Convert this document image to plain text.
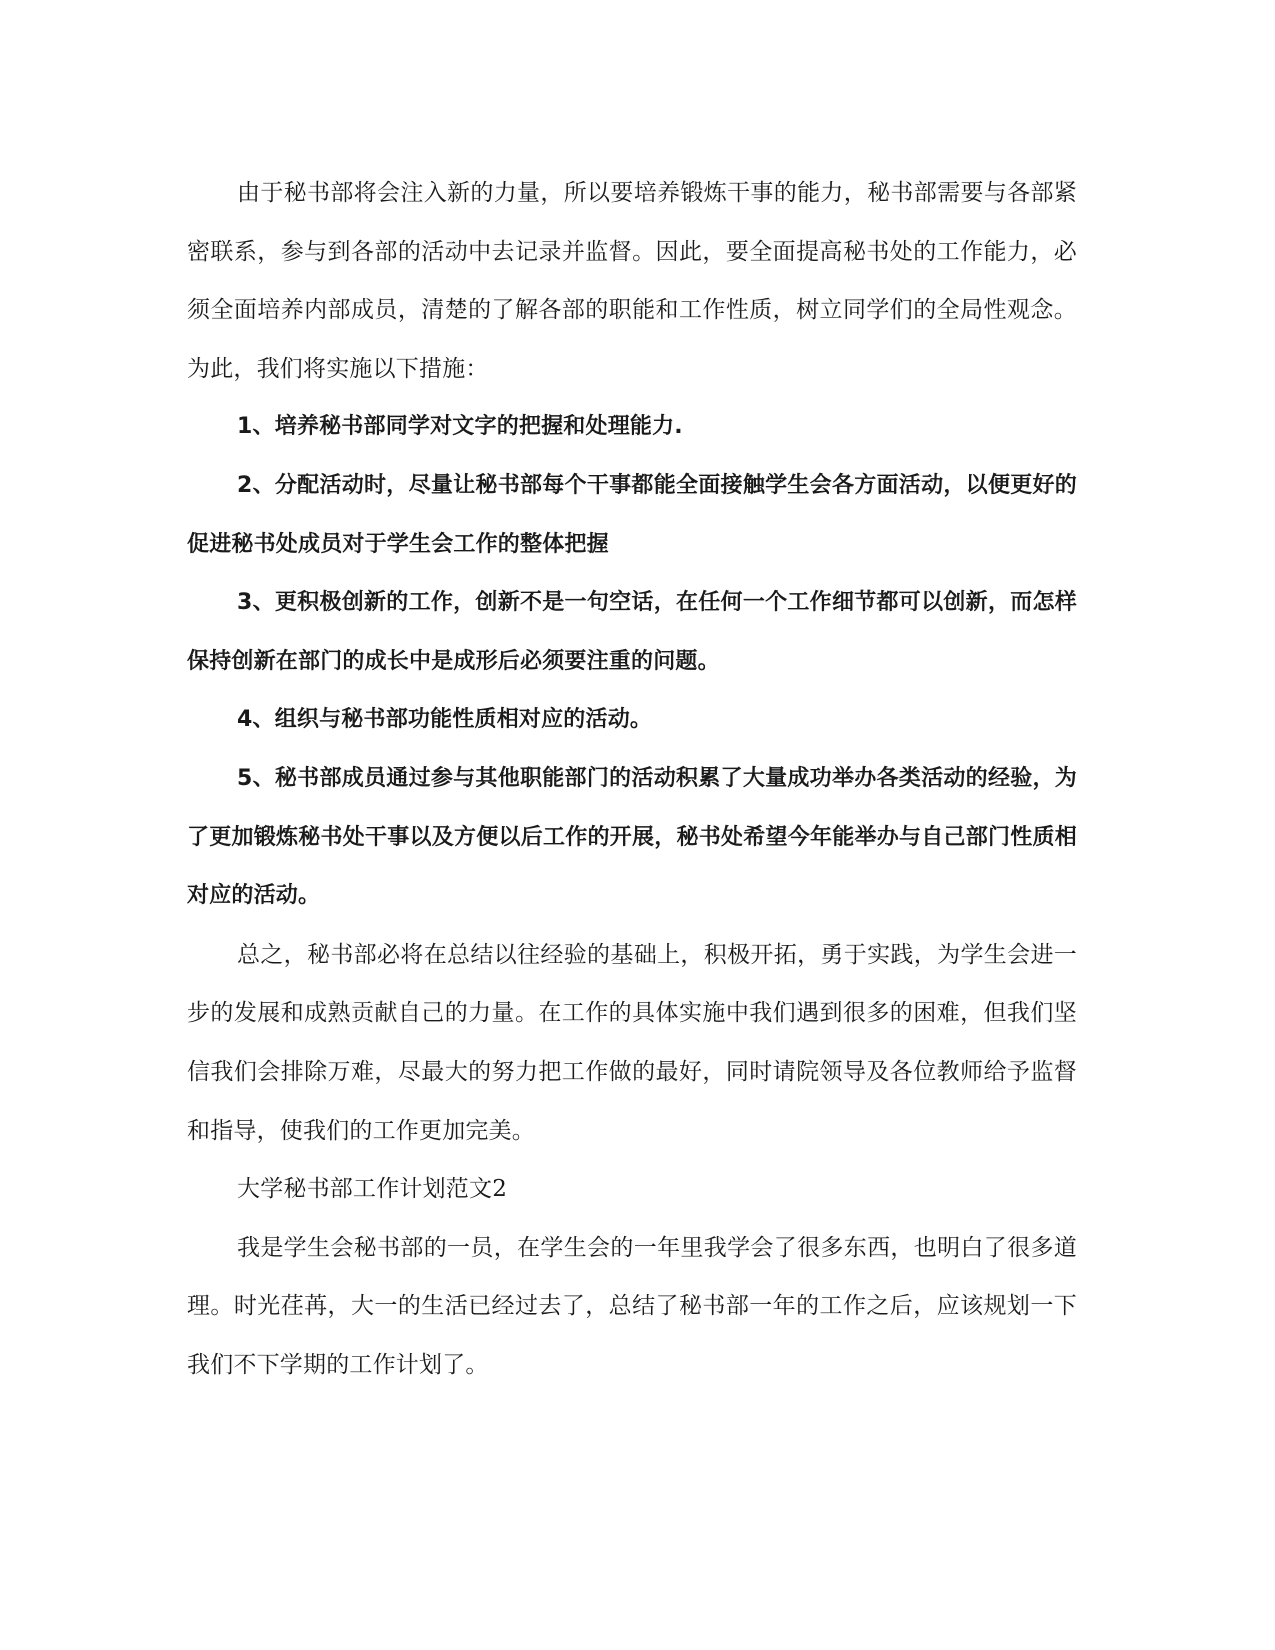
由于秘书部将会注入新的力量，所以要培养锻炼干事的能力，秘书部需要与各部紧密联系，参与到各部的活动中去记录并监督。因此，要全面提高秘书处的工作能力，必须全面培养内部成员，清楚的了解各部的职能和工作性质，树立同学们的全局性观念。为此，我们将实施以下措施：

1、培养秘书部同学对文字的把握和处理能力.

2、分配活动时，尽量让秘书部每个干事都能全面接触学生会各方面活动，以便更好的促进秘书处成员对于学生会工作的整体把握

3、更积极创新的工作，创新不是一句空话，在任何一个工作细节都可以创新，而怎样保持创新在部门的成长中是成形后必须要注重的问题。

4、组织与秘书部功能性质相对应的活动。

5、秘书部成员通过参与其他职能部门的活动积累了大量成功举办各类活动的经验，为了更加锻炼秘书处干事以及方便以后工作的开展，秘书处希望今年能举办与自己部门性质相对应的活动。

总之，秘书部必将在总结以往经验的基础上，积极开拓，勇于实践，为学生会进一步的发展和成熟贡献自己的力量。在工作的具体实施中我们遇到很多的困难，但我们坚信我们会排除万难，尽最大的努力把工作做的最好，同时请院领导及各位教师给予监督和指导，使我们的工作更加完美。

大学秘书部工作计划范文2

我是学生会秘书部的一员，在学生会的一年里我学会了很多东西，也明白了很多道理。时光荏苒，大一的生活已经过去了，总结了秘书部一年的工作之后，应该规划一下我们不下学期的工作计划了。
